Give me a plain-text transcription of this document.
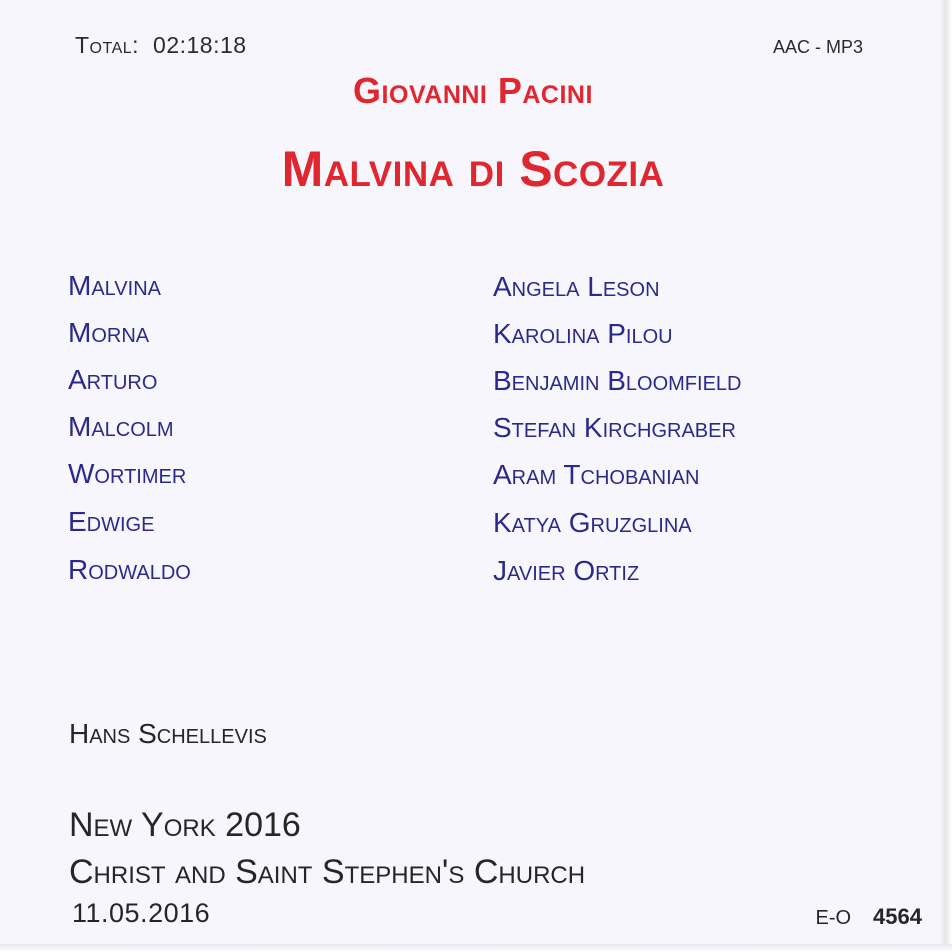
Total: 02:18:18	AAC - MP3
Giovanni Pacini
Malvina di Scozia
Malvina	Angela Leson
Morna	Karolina Pilou
Arturo	Benjamin Bloomfield
Malcolm	Stefan Kirchgraber
Wortimer	Aram Tchobanian
Edwige	Katya Gruzglina
Rodwaldo	Javier Ortiz
Hans Schellevis
New York 2016
Christ and Saint Stephen's Church
11.05.2016	E-O 4564
